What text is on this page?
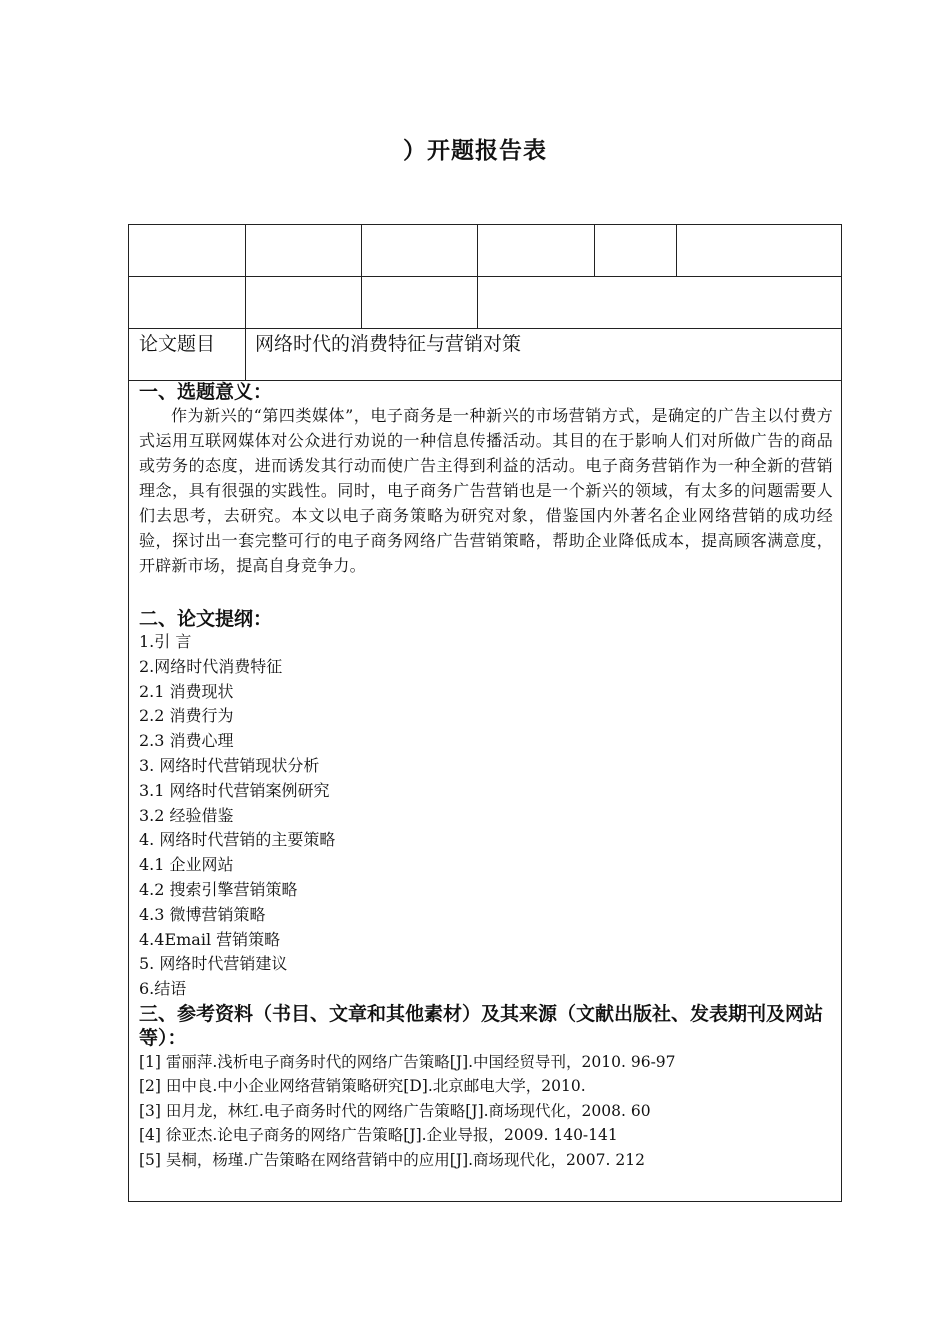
）开题报告表
论文题目 网络时代的消费特征与营销对策

一、选题意义：

作为新兴的“第四类媒体”，电子商务是一种新兴的市场营销方式，是确定的广告主以付费方式运用互联网媒体对公众进行劝说的一种信息传播活动。其目的在于影响人们对所做广告的商品或劳务的态度，进而诱发其行动而使广告主得到利益的活动。电子商务营销作为一种全新的营销理念，具有很强的实践性。同时，电子商务广告营销也是一个新兴的领域，有太多的问题需要人们去思考，去研究。本文以电子商务策略为研究对象，借鉴国内外著名企业网络营销的成功经验，探讨出一套完整可行的电子商务网络广告营销策略，帮助企业降低成本，提高顾客满意度，开辟新市场，提高自身竞争力。

二、论文提纲：

1.引 言
2.网络时代消费特征
2.1 消费现状
2.2 消费行为
2.3 消费心理
3. 网络时代营销现状分析
3.1 网络时代营销案例研究
3.2 经验借鉴
4. 网络时代营销的主要策略
4.1 企业网站
4.2 搜索引擎营销策略
4.3 微博营销策略
4.4Email 营销策略
5. 网络时代营销建议
6.结语

三、参考资料（书目、文章和其他素材）及其来源（文献出版社、发表期刊及网站等）：

[1] 雷丽萍.浅析电子商务时代的网络广告策略[J].中国经贸导刊，2010. 96-97
[2] 田中良.中小企业网络营销策略研究[D].北京邮电大学，2010.
[3] 田月龙，林红.电子商务时代的网络广告策略[J].商场现代化，2008. 60
[4] 徐亚杰.论电子商务的网络广告策略[J].企业导报，2009. 140-141
[5] 吴桐，杨瑾.广告策略在网络营销中的应用[J].商场现代化，2007. 212
